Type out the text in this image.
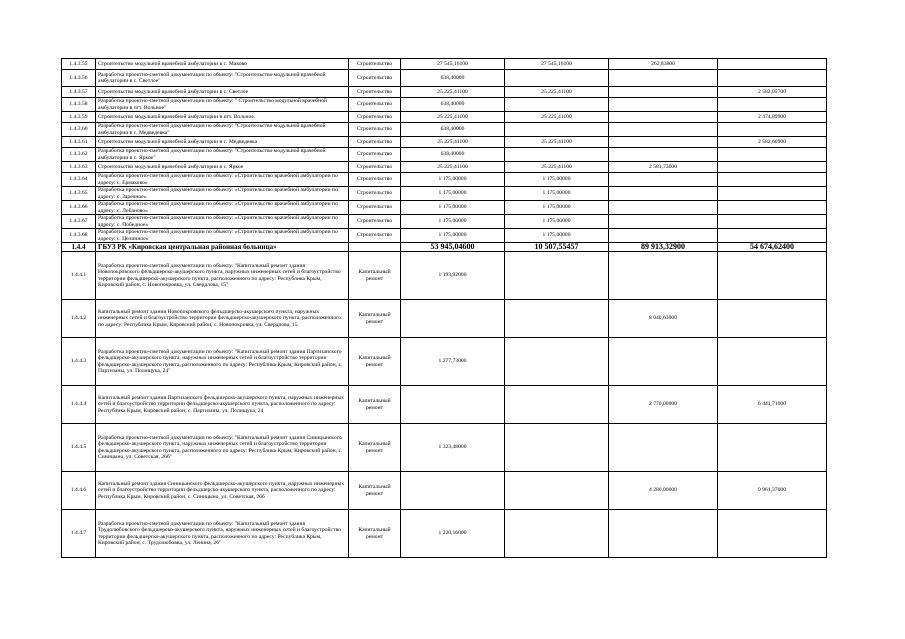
1.4.3.55	Строительство модульной врачебной амбулатории в с. Маково	Строительство	27 545,16100	27 545,16100	262,83800	
1.4.3.56	Разработка проектно-сметной документации по объекту: "Строительство модульной врачебной амбулатории в с. Светлое"	Строительство	638,40000			
1.4.3.57	Строительство модульной врачебной амбулатории в с. Светлое	Строительство	25 225,41100	25 225,41100		2 582,05700
1.4.3.58	Разработка проектно-сметной документации по объекту: " Строительство модульной врачебной амбулатории в пгт. Вольное"	Строительство	638,40000			
1.4.3.59	Строительство модульной врачебной амбулатории в пгт. Вольное.	Строительство	25 225,41100	25 225,41100		2 474,89900
1.4.3.60	Разработка проектно-сметной документации по объекту: "Строительство модульной врачебной амбулатории в с. Медведевка"	Строительство	638,40000			
1.4.3.61	Строительство модульной врачебной амбулатории в с. Медведевка	Строительство	25 225,41100	25 225,41100		2 582,60900
1.4.3.62	Разработка проектно-сметной документации по объекту: "Строительство модульной врачебной амбулатории в с. Яркое"	Строительство	638,40000			
1.4.3.63	Строительство модульной врачебной амбулатории в с. Яркое	Строительство	25 225,41100	25 225,41100	2 581,73000	
1.4.3.64	Разработка проектно-сметной документации по объекту: «Строительство врачебной амбулатории по адресу: с. Ермаково»	Строительство	1 175,00000	1 175,00000		
1.4.3.65	Разработка проектно-сметной документации по объекту: «Строительство врачебной амбулатории по адресу: с. Заречное»	Строительство	1 175,00000	1 175,00000		
1.4.3.66	Разработка проектно-сметной документации по объекту: «Строительство врачебной амбулатории по адресу: с. Лобаново»	Строительство	1 175,00000	1 175,00000		
1.4.3.67	Разработка проектно-сметной документации по объекту: «Строительство врачебной амбулатории по адресу: с. Победное»	Строительство	1 175,00000	1 175,00000		
1.4.3.68	Разработка проектно-сметной документации по объекту: «Строительство врачебной амбулатории по адресу: с. Целинное»	Строительство	1 175,00000	1 175,00000		
1.4.4	ГБУЗ РК «Кировская центральная районная больница»		53 945,04600	10 507,55457	89 913,32900	54 674,62400
1.4.4.1	Разработка проектно-сметной документации по объекту: "Капитальный ремонт здания Новопокровского фельдшерско-акушерского пункта, наружных инженерных сетей и благоустройство территории фельдшерско-акушерского пункта, расположенного по адресу: Республика Крым, Кировский район, с. Новопокровка, ул. Свердлова, 15"	Капитальный ремонт	1 193,92000			
1.4.4.2	Капитальный ремонт здания Новопокровского фельдшерско-акушерского пункта, наружных инженерных сетей и благоустройство территории фельдшерско-акушерского пункта, расположенного по адресу: Республика Крым, Кировский район, с. Новопокровка, ул. Свердлова, 15	Капитальный ремонт			8 040,63000	
1.4.4.3	Разработка проектно-сметной документации по объекту: "Капитальный ремонт здания Партизанского фельдшерско-акушерского пункта, наружных инженерных сетей и благоустройство территории фельдшерско-акушерского пункта, расположенного по адресу: Республика Крым, Кировский район, с. Партизаны, ул. Полищука, 24"	Капитальный ремонт	1 277,73000			
1.4.4.4	Капитальный ремонт здания Партизанского фельдшерско-акушерского пункта, наружных инженерных сетей и благоустройство территории фельдшерско-акушерского пункта, расположенного по адресу: Республика Крым, Кировский район, с. Партизаны, ул. Полищука, 24	Капитальный ремонт			2 770,00000	6 441,71000
1.4.4.5	Разработка проектно-сметной документации по объекту: "Капитальный ремонт здания Синицынского фельдшерско-акушерского пункта, наружных инженерных сетей и благоустройство территории фельдшерско-акушерского пункта, расположенного по адресу: Республика Крым, Кировский район, с. Синицыно, ул. Советская, 26б"	Капитальный ремонт	1 323,48000			
1.4.4.6	Капитальный ремонт здания Синицынского фельдшерско-акушерского пункта, наружных инженерных сетей и благоустройство территории фельдшерско-акушерского пункта, расположенного по адресу: Республика Крым, Кировский район, с. Синицыно, ул. Советская, 26б	Капитальный ремонт			4 280,00000	9 961,37000
1.4.4.7	Разработка проектно-сметной документации по объекту: "Капитальный ремонт здания Трудолюбовского фельдшерско-акушерского пункта, наружных инженерных сетей и благоустройство территории фельдшерско-акушерского пункта, расположенного по адресу: Республика Крым, Кировский район, с. Трудолюбовка, ул. Ленина, 26"	Капитальный ремонт	1 220,16000			
